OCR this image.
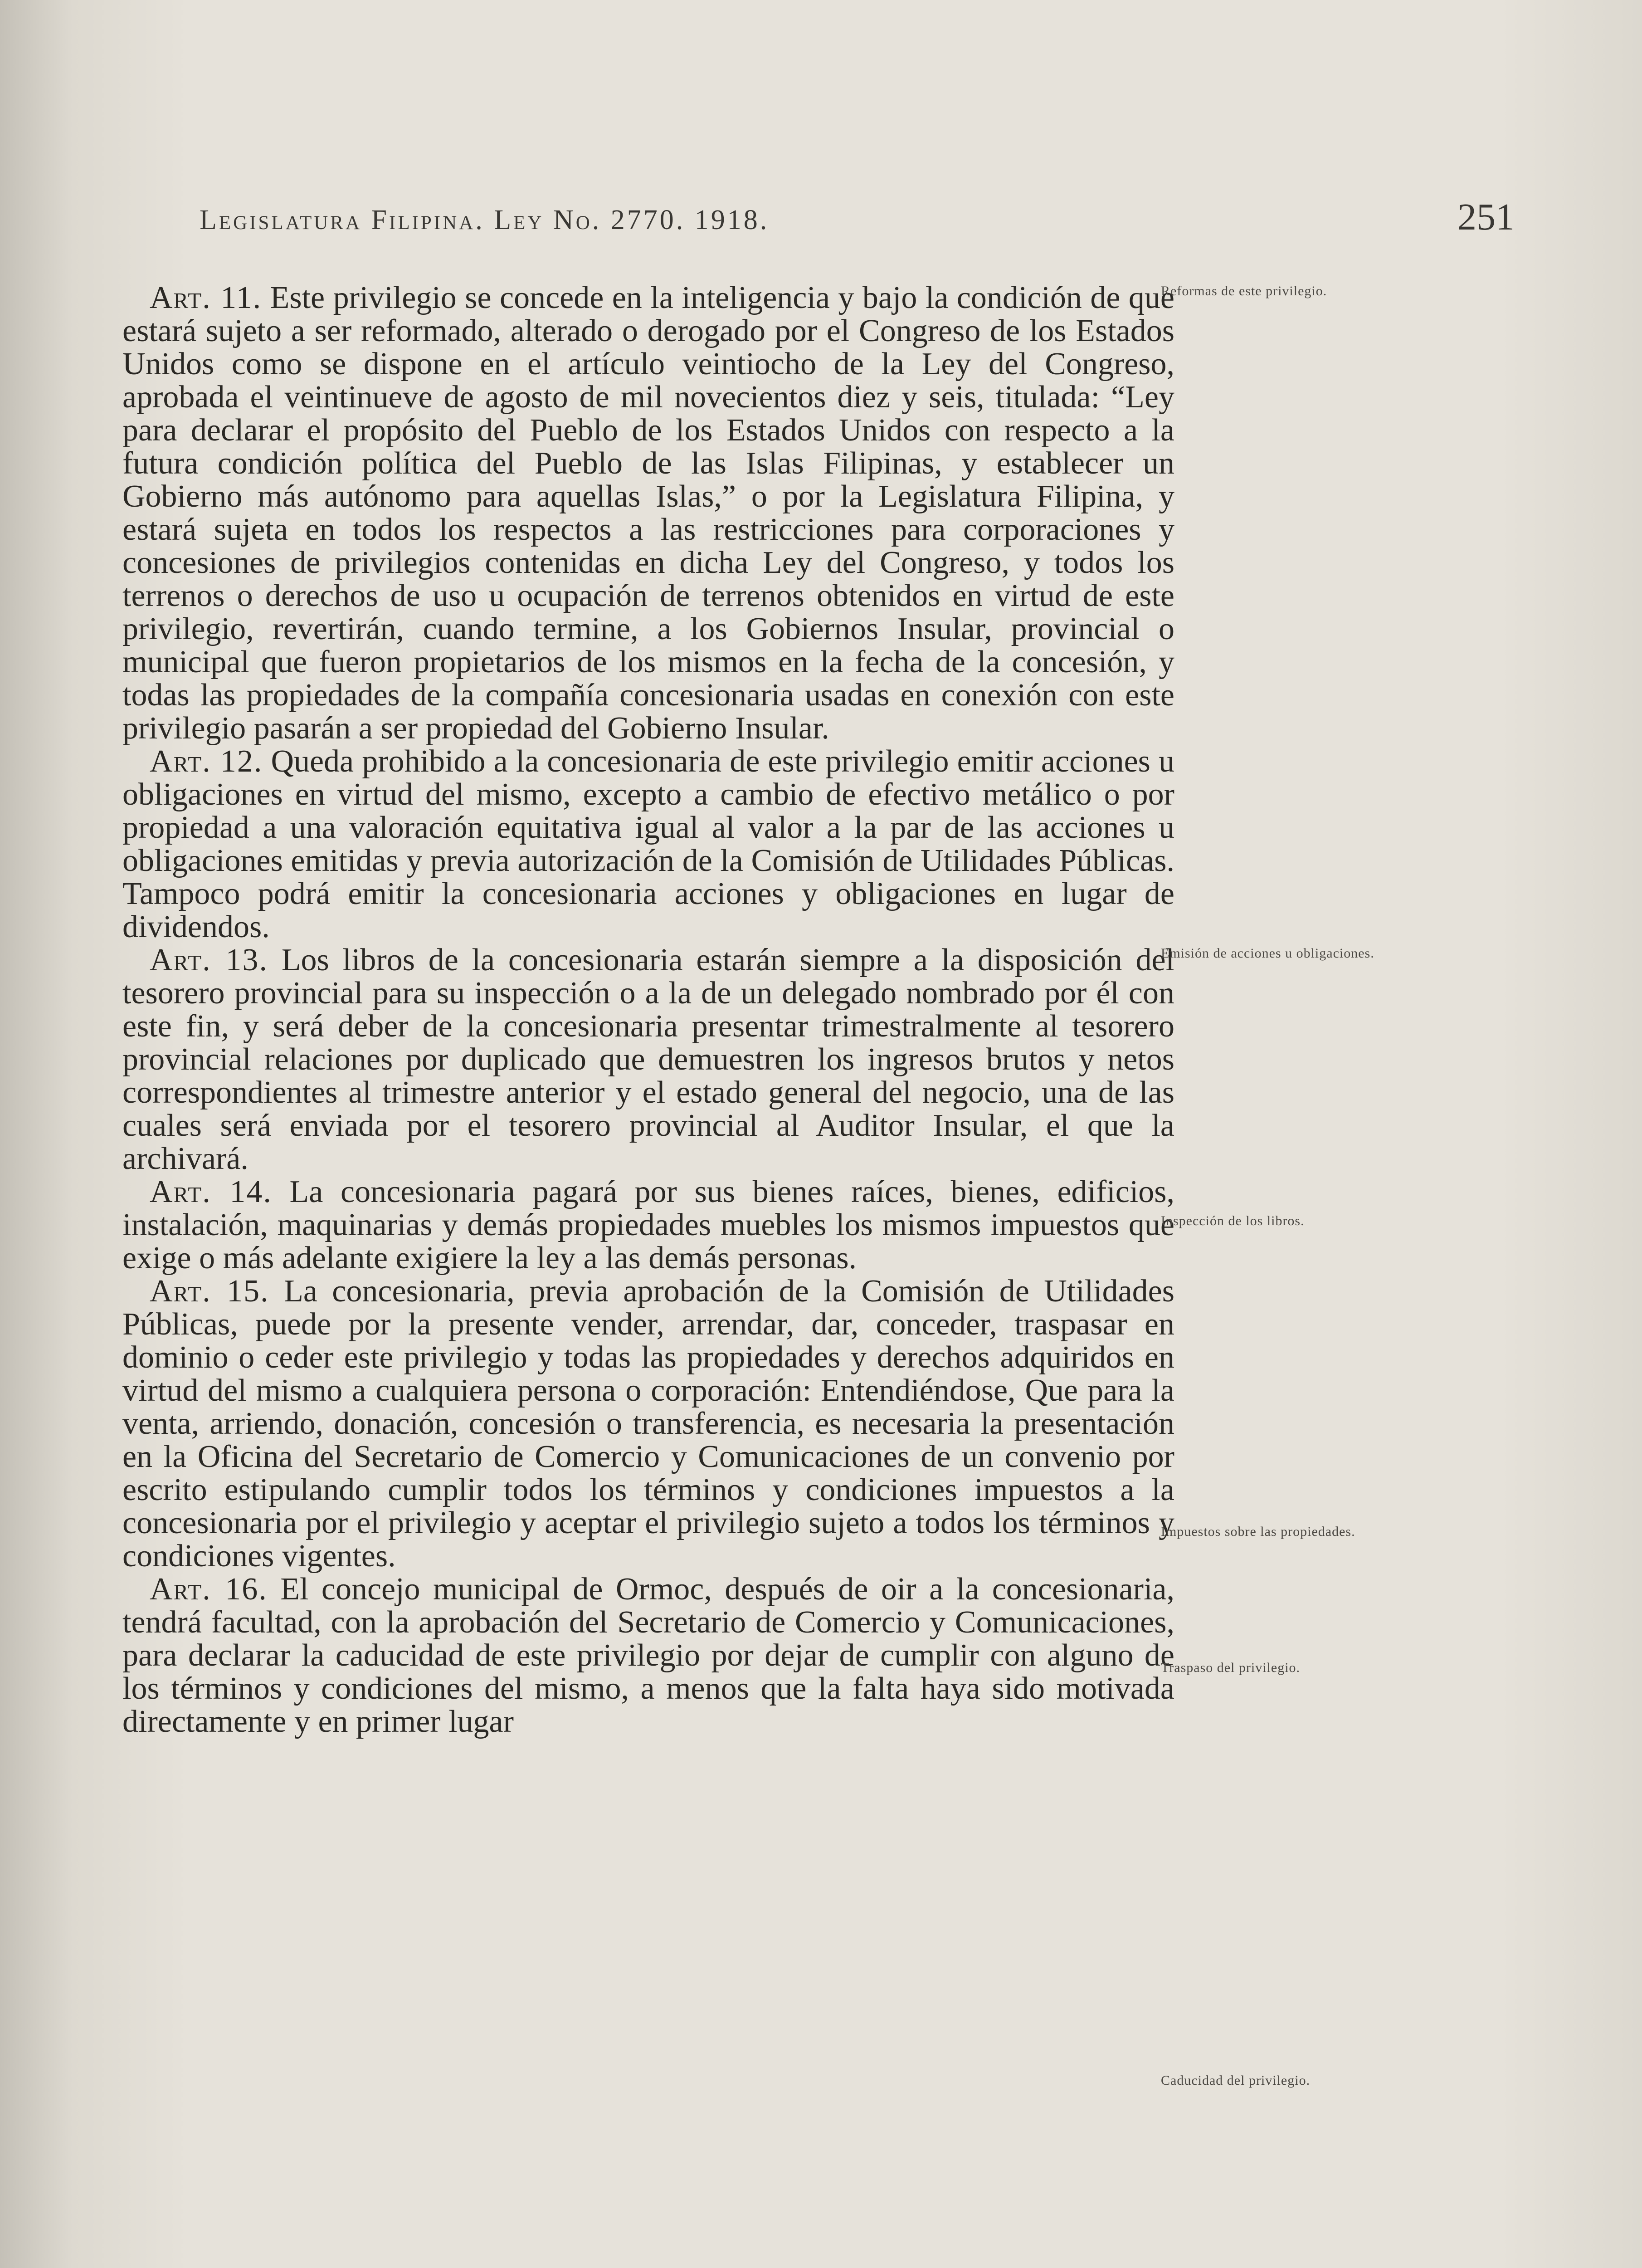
Legislatura Filipina. Ley No. 2770. 1918.	251

Art. 11. Este privilegio se concede en la inteligencia y bajo la condición de que estará sujeto a ser reformado, alterado o derogado por el Congreso de los Estados Unidos como se dispone en el artículo veintiocho de la Ley del Congreso, aprobada el veintinueve de agosto de mil novecientos diez y seis, titulada: “Ley para declarar el propósito del Pueblo de los Estados Unidos con respecto a la futura condición política del Pueblo de las Islas Filipinas, y establecer un Gobierno más autónomo para aquellas Islas,” o por la Legislatura Filipina, y estará sujeta en todos los respectos a las restricciones para corporaciones y concesiones de privilegios contenidas en dicha Ley del Congreso, y todos los terrenos o derechos de uso u ocupación de terrenos obtenidos en virtud de este privilegio, revertirán, cuando termine, a los Gobiernos Insular, provincial o municipal que fueron propietarios de los mismos en la fecha de la concesión, y todas las propiedades de la compañía concesionaria usadas en conexión con este privilegio pasarán a ser propiedad del Gobierno Insular.

Art. 12. Queda prohibido a la concesionaria de este privilegio emitir acciones u obligaciones en virtud del mismo, excepto a cambio de efectivo metálico o por propiedad a una valoración equitativa igual al valor a la par de las acciones u obligaciones emitidas y previa autorización de la Comisión de Utilidades Públicas. Tampoco podrá emitir la concesionaria acciones y obligaciones en lugar de dividendos.

Art. 13. Los libros de la concesionaria estarán siempre a la disposición del tesorero provincial para su inspección o a la de un delegado nombrado por él con este fin, y será deber de la concesionaria presentar trimestralmente al tesorero provincial relaciones por duplicado que demuestren los ingresos brutos y netos correspondientes al trimestre anterior y el estado general del negocio, una de las cuales será enviada por el tesorero provincial al Auditor Insular, el que la archivará.

Art. 14. La concesionaria pagará por sus bienes raíces, bienes, edificios, instalación, maquinarias y demás propiedades muebles los mismos impuestos que exige o más adelante exigiere la ley a las demás personas.

Art. 15. La concesionaria, previa aprobación de la Comisión de Utilidades Públicas, puede por la presente vender, arrendar, dar, conceder, traspasar en dominio o ceder este privilegio y todas las propiedades y derechos adquiridos en virtud del mismo a cualquiera persona o corporación: Entendiéndose, Que para la venta, arriendo, donación, concesión o transferencia, es necesaria la presentación en la Oficina del Secretario de Comercio y Comunicaciones de un convenio por escrito estipulando cumplir todos los términos y condiciones impuestos a la concesionaria por el privilegio y aceptar el privilegio sujeto a todos los términos y condiciones vigentes.

Art. 16. El concejo municipal de Ormoc, después de oir a la concesionaria, tendrá facultad, con la aprobación del Secretario de Comercio y Comunicaciones, para declarar la caducidad de este privilegio por dejar de cumplir con alguno de los términos y condiciones del mismo, a menos que la falta haya sido motivada directamente y en primer lugar

Reformas de este privilegio.
Emisión de acciones u obligaciones.
Inspección de los libros.
Impuestos sobre las propiedades.
Traspaso del privilegio.
Caducidad del privilegio.
